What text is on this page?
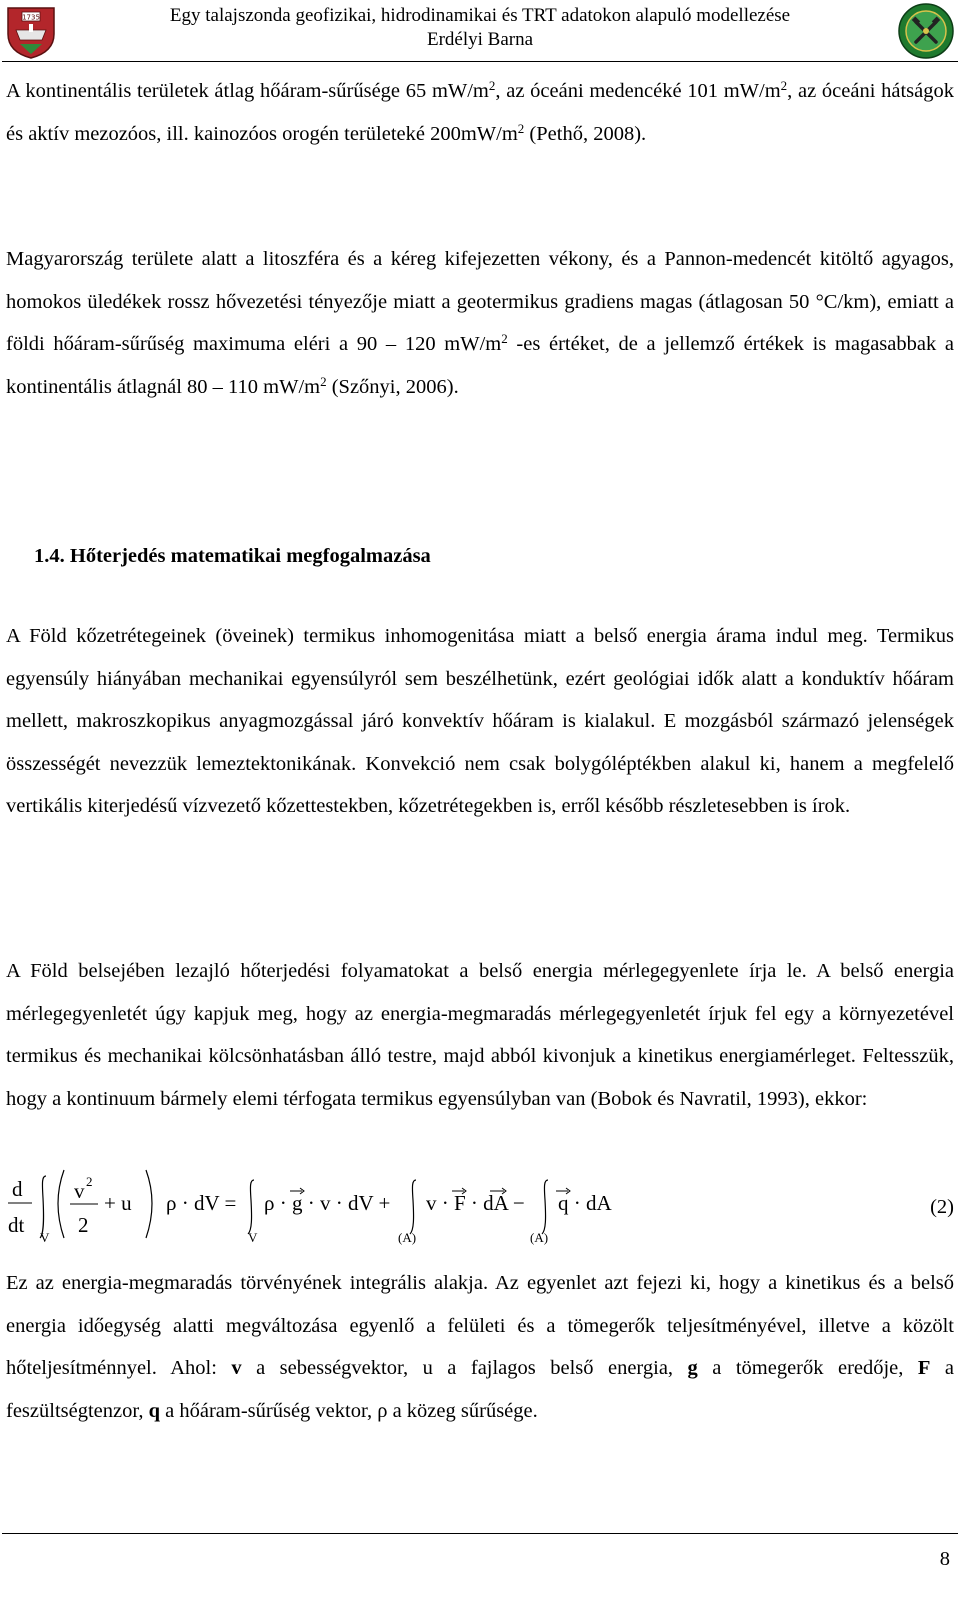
1735	Egy talajszonda geofizikai, hidrodinamikai és TRT adatokon alapuló modellezése
Erdélyi Barna

A kontinentális területek átlag hőáram-sűrűsége 65 $mW/m^2$, az óceáni medencéké 101 $mW/m^2$, az óceáni hátságok és aktív mezozóos, ill. kainozóos orogén területeké $200mW/m^2$ (Pethő, 2008).

Magyarország területe alatt a litoszféra és a kéreg kifejezetten vékony, és a Pannon-medencét kitöltő agyagos, homokos üledékek rossz hővezetési tényezője miatt a geotermikus gradiens magas (átlagosan 50 °C/km), emiatt a földi hőáram-sűrűség maximuma eléri a 90 – 120 $mW/m^2$ -es értéket, de a jellemző értékek is magasabbak a kontinentális átlagnál 80 – 110 $mW/m^2$ (Szőnyi, 2006).

1.4. Hőterjedés matematikai megfogalmazása

A Föld kőzetrétegeinek (öveinek) termikus inhomogenitása miatt a belső energia árama indul meg. Termikus egyensúly hiányában mechanikai egyensúlyról sem beszélhetünk, ezért geológiai idők alatt a konduktív hőáram mellett, makroszkopikus anyagmozgással járó konvektív hőáram is kialakul. E mozgásból származó jelenségek összességét nevezzük lemeztektonikának. Konvekció nem csak bolygóléptékben alakul ki, hanem a megfelelő vertikális kiterjedésű vízvezető kőzettestekben, kőzetrétegekben is, erről később részletesebben is írok.

A Föld belsejében lezajló hőterjedési folyamatokat a belső energia mérlegegyenlete írja le. A belső energia mérlegegyenletét úgy kapjuk meg, hogy az energia-megmaradás mérlegegyenletét írjuk fel egy a környezetével termikus és mechanikai kölcsönhatásban álló testre, majd abból kivonjuk a kinetikus energiamérleget. Feltesszük, hogy a kontinuum bármely elemi térfogata termikus egyensúlyban van (Bobok és Navratil, 1993), ekkor:

d
dt
V
v 2
2
+ u ρ · dV =
V
ρ · g · v · dV +
(A)
v · F · dA −
(A)
q · dA	(2)

Ez az energia-megmaradás törvényének integrális alakja. Az egyenlet azt fejezi ki, hogy a kinetikus és a belső energia időegység alatti megváltozása egyenlő a felületi és a tömegerők teljesítményével, illetve a közölt hőteljesítménnyel. Ahol: v a sebességvektor, u a fajlagos belső energia, g a tömegerők eredője, F a feszültségtenzor, q a hőáram-sűrűség vektor, ρ a közeg sűrűsége.

8
